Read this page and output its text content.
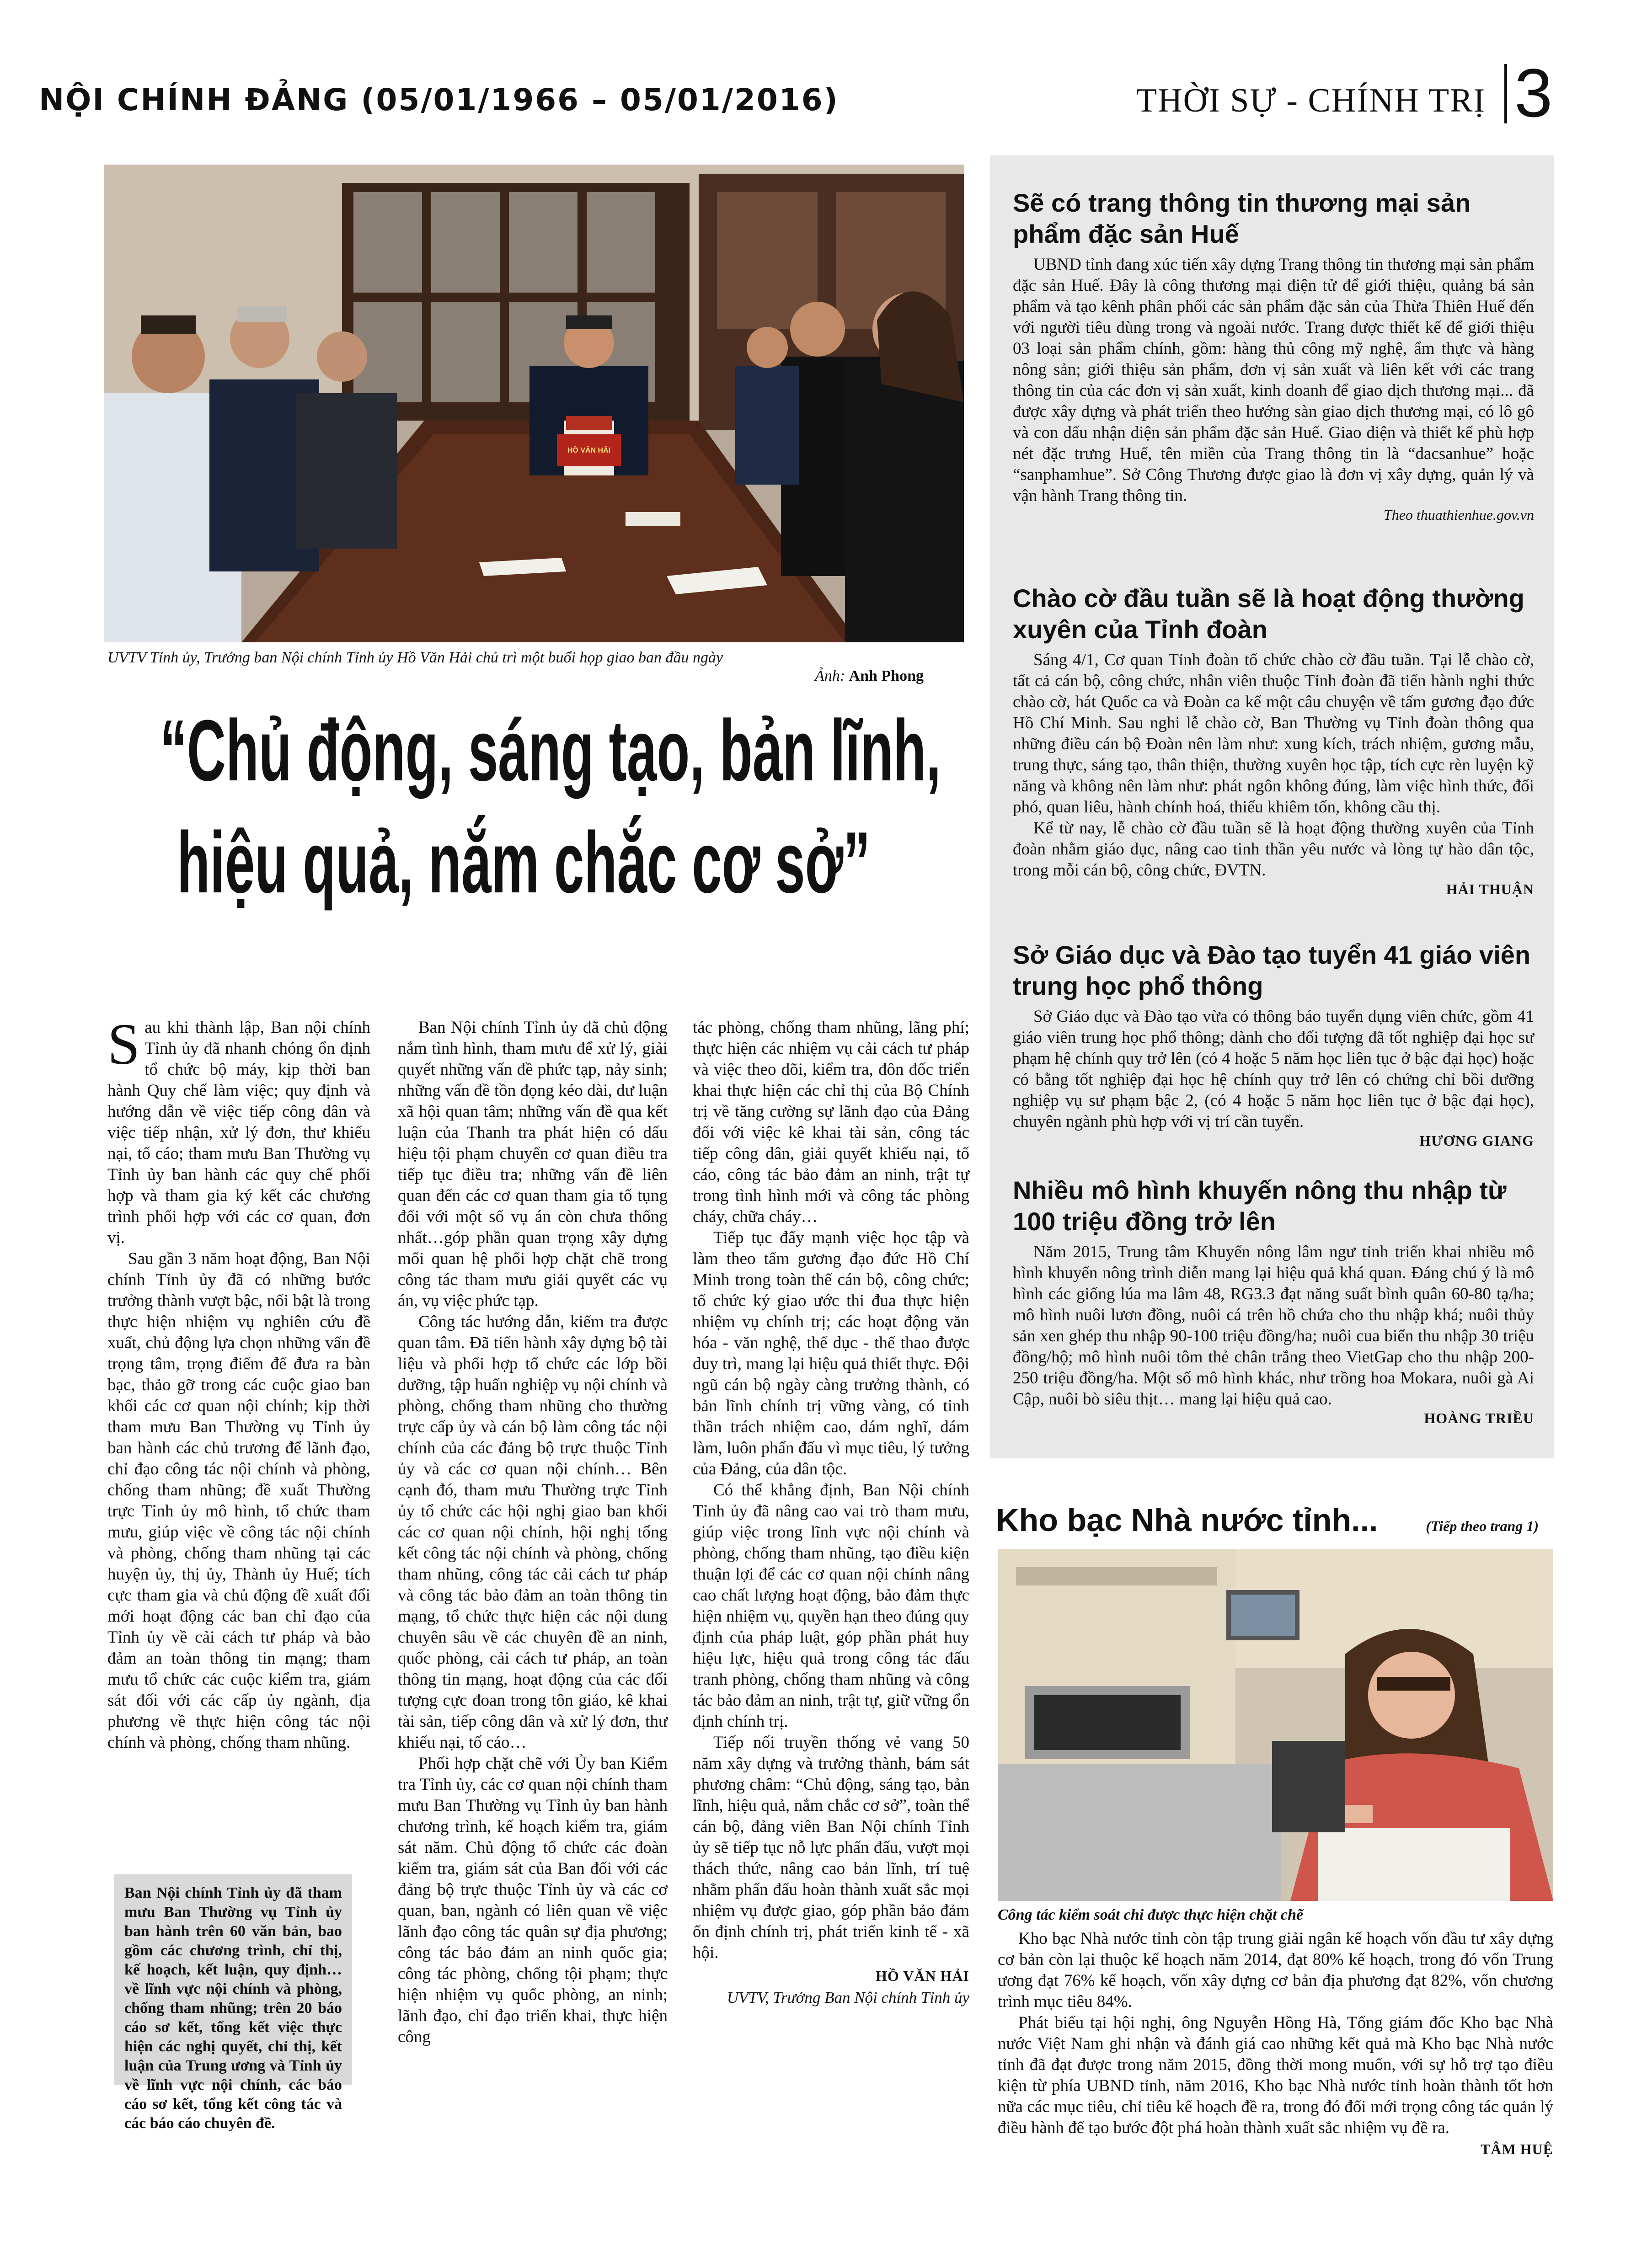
NỘI CHÍNH ĐẢNG (05/01/1966 – 05/01/2016)	THỜI SỰ - CHÍNH TRỊ 3
HỒ VĂN HẢI
UVTV Tỉnh ủy, Trưởng ban Nội chính Tỉnh ủy Hồ Văn Hải chủ trì một buổi họp giao ban đầu ngày
Ảnh: Anh Phong
“Chủ động, sáng tạo, bản lĩnh,
hiệu quả, nắm chắc cơ sở”

Sau khi thành lập, Ban nội chính Tỉnh ủy đã nhanh chóng ổn định tổ chức bộ máy, kịp thời ban hành Quy chế làm việc; quy định và hướng dẫn về việc tiếp công dân và việc tiếp nhận, xử lý đơn, thư khiếu nại, tố cáo; tham mưu Ban Thường vụ Tỉnh ủy ban hành các quy chế phối hợp và tham gia ký kết các chương trình phối hợp với các cơ quan, đơn vị.

Sau gần 3 năm hoạt động, Ban Nội chính Tỉnh ủy đã có những bước trưởng thành vượt bậc, nổi bật là trong thực hiện nhiệm vụ nghiên cứu đề xuất, chủ động lựa chọn những vấn đề trọng tâm, trọng điểm để đưa ra bàn bạc, thảo gỡ trong các cuộc giao ban khối các cơ quan nội chính; kịp thời tham mưu Ban Thường vụ Tỉnh ủy ban hành các chủ trương để lãnh đạo, chỉ đạo công tác nội chính và phòng, chống tham nhũng; đề xuất Thường trực Tỉnh ủy mô hình, tổ chức tham mưu, giúp việc về công tác nội chính và phòng, chống tham nhũng tại các huyện ủy, thị ủy, Thành ủy Huế; tích cực tham gia và chủ động đề xuất đổi mới hoạt động các ban chỉ đạo của Tỉnh ủy về cải cách tư pháp và bảo đảm an toàn thông tin mạng; tham mưu tổ chức các cuộc kiểm tra, giám sát đối với các cấp ủy ngành, địa phương về thực hiện công tác nội chính và phòng, chống tham nhũng.

Ban Nội chính Tỉnh ủy đã tham mưu Ban Thường vụ Tỉnh ủy ban hành trên 60 văn bản, bao gồm các chương trình, chỉ thị, kế hoạch, kết luận, quy định… về lĩnh vực nội chính và phòng, chống tham nhũng; trên 20 báo cáo sơ kết, tổng kết việc thực hiện các nghị quyết, chỉ thị, kết luận của Trung ương và Tỉnh ủy về lĩnh vực nội chính, các báo cáo sơ kết, tổng kết công tác và các báo cáo chuyên đề.

Ban Nội chính Tỉnh ủy đã chủ động nắm tình hình, tham mưu để xử lý, giải quyết những vấn đề phức tạp, nảy sinh; những vấn đề tồn đọng kéo dài, dư luận xã hội quan tâm; những vấn đề qua kết luận của Thanh tra phát hiện có dấu hiệu tội phạm chuyển cơ quan điều tra tiếp tục điều tra; những vấn đề liên quan đến các cơ quan tham gia tố tụng đối với một số vụ án còn chưa thống nhất…góp phần quan trọng xây dựng mối quan hệ phối hợp chặt chẽ trong công tác tham mưu giải quyết các vụ án, vụ việc phức tạp.

Công tác hướng dẫn, kiểm tra được quan tâm. Đã tiến hành xây dựng bộ tài liệu và phối hợp tổ chức các lớp bồi dưỡng, tập huấn nghiệp vụ nội chính và phòng, chống tham nhũng cho thường trực cấp ủy và cán bộ làm công tác nội chính của các đảng bộ trực thuộc Tỉnh ủy và các cơ quan nội chính… Bên cạnh đó, tham mưu Thường trực Tỉnh ủy tổ chức các hội nghị giao ban khối các cơ quan nội chính, hội nghị tổng kết công tác nội chính và phòng, chống tham nhũng, công tác cải cách tư pháp và công tác bảo đảm an toàn thông tin mạng, tổ chức thực hiện các nội dung chuyên sâu về các chuyên đề an ninh, quốc phòng, cải cách tư pháp, an toàn thông tin mạng, hoạt động của các đối tượng cực đoan trong tôn giáo, kê khai tài sản, tiếp công dân và xử lý đơn, thư khiếu nại, tố cáo…

Phối hợp chặt chẽ với Ủy ban Kiểm tra Tỉnh ủy, các cơ quan nội chính tham mưu Ban Thường vụ Tỉnh ủy ban hành chương trình, kế hoạch kiểm tra, giám sát năm. Chủ động tổ chức các đoàn kiểm tra, giám sát của Ban đối với các đảng bộ trực thuộc Tỉnh ủy và các cơ quan, ban, ngành có liên quan về việc lãnh đạo công tác quân sự địa phương; công tác bảo đảm an ninh quốc gia; công tác phòng, chống tội phạm; thực hiện nhiệm vụ quốc phòng, an ninh; lãnh đạo, chỉ đạo triển khai, thực hiện công

tác phòng, chống tham nhũng, lãng phí; thực hiện các nhiệm vụ cải cách tư pháp và việc theo dõi, kiểm tra, đôn đốc triển khai thực hiện các chỉ thị của Bộ Chính trị về tăng cường sự lãnh đạo của Đảng đối với việc kê khai tài sản, công tác tiếp công dân, giải quyết khiếu nại, tố cáo, công tác bảo đảm an ninh, trật tự trong tình hình mới và công tác phòng cháy, chữa cháy…

Tiếp tục đẩy mạnh việc học tập và làm theo tấm gương đạo đức Hồ Chí Minh trong toàn thể cán bộ, công chức; tổ chức ký giao ước thi đua thực hiện nhiệm vụ chính trị; các hoạt động văn hóa - văn nghệ, thể dục - thể thao được duy trì, mang lại hiệu quả thiết thực. Đội ngũ cán bộ ngày càng trưởng thành, có bản lĩnh chính trị vững vàng, có tinh thần trách nhiệm cao, dám nghĩ, dám làm, luôn phấn đấu vì mục tiêu, lý tưởng của Đảng, của dân tộc.

Có thể khẳng định, Ban Nội chính Tỉnh ủy đã nâng cao vai trò tham mưu, giúp việc trong lĩnh vực nội chính và phòng, chống tham nhũng, tạo điều kiện thuận lợi để các cơ quan nội chính nâng cao chất lượng hoạt động, bảo đảm thực hiện nhiệm vụ, quyền hạn theo đúng quy định của pháp luật, góp phần phát huy hiệu lực, hiệu quả trong công tác đấu tranh phòng, chống tham nhũng và công tác bảo đảm an ninh, trật tự, giữ vững ổn định chính trị.

Tiếp nối truyền thống vẻ vang 50 năm xây dựng và trưởng thành, bám sát phương châm: “Chủ động, sáng tạo, bản lĩnh, hiệu quả, nắm chắc cơ sở”, toàn thể cán bộ, đảng viên Ban Nội chính Tỉnh ủy sẽ tiếp tục nỗ lực phấn đấu, vượt mọi thách thức, nâng cao bản lĩnh, trí tuệ nhằm phấn đấu hoàn thành xuất sắc mọi nhiệm vụ được giao, góp phần bảo đảm ổn định chính trị, phát triển kinh tế - xã hội.

HỒ VĂN HẢI
UVTV, Trưởng Ban Nội chính Tỉnh ủy
Sẽ có trang thông tin thương mại sản phẩm đặc sản Huế

UBND tỉnh đang xúc tiến xây dựng Trang thông tin thương mại sản phẩm đặc sản Huế. Đây là công thương mại điện tử để giới thiệu, quảng bá sản phẩm và tạo kênh phân phối các sản phẩm đặc sản của Thừa Thiên Huế đến với người tiêu dùng trong và ngoài nước. Trang được thiết kế để giới thiệu 03 loại sản phẩm chính, gồm: hàng thủ công mỹ nghệ, ẩm thực và hàng nông sản; giới thiệu sản phẩm, đơn vị sản xuất và liên kết với các trang thông tin của các đơn vị sản xuất, kinh doanh để giao dịch thương mại... đã được xây dựng và phát triển theo hướng sàn giao dịch thương mại, có lô gô và con dấu nhận diện sản phẩm đặc sản Huế. Giao diện và thiết kế phù hợp nét đặc trưng Huế, tên miền của Trang thông tin là “dacsanhue” hoặc “sanphamhue”. Sở Công Thương được giao là đơn vị xây dựng, quản lý và vận hành Trang thông tin.

Theo thuathienhue.gov.vn
Chào cờ đầu tuần sẽ là hoạt động thường xuyên của Tỉnh đoàn

Sáng 4/1, Cơ quan Tỉnh đoàn tổ chức chào cờ đầu tuần. Tại lễ chào cờ, tất cả cán bộ, công chức, nhân viên thuộc Tỉnh đoàn đã tiến hành nghi thức chào cờ, hát Quốc ca và Đoàn ca kể một câu chuyện về tấm gương đạo đức Hồ Chí Minh. Sau nghi lễ chào cờ, Ban Thường vụ Tỉnh đoàn thông qua những điều cán bộ Đoàn nên làm như: xung kích, trách nhiệm, gương mẫu, trung thực, sáng tạo, thân thiện, thường xuyên học tập, tích cực rèn luyện kỹ năng và không nên làm như: phát ngôn không đúng, làm việc hình thức, đối phó, quan liêu, hành chính hoá, thiếu khiêm tốn, không cầu thị.

Kể từ nay, lễ chào cờ đầu tuần sẽ là hoạt động thường xuyên của Tỉnh đoàn nhằm giáo dục, nâng cao tinh thần yêu nước và lòng tự hào dân tộc, trong mỗi cán bộ, công chức, ĐVTN.

HẢI THUẬN
Sở Giáo dục và Đào tạo tuyển 41 giáo viên trung học phổ thông

Sở Giáo dục và Đào tạo vừa có thông báo tuyển dụng viên chức, gồm 41 giáo viên trung học phổ thông; dành cho đối tượng đã tốt nghiệp đại học sư phạm hệ chính quy trở lên (có 4 hoặc 5 năm học liên tục ở bậc đại học) hoặc có bằng tốt nghiệp đại học hệ chính quy trở lên có chứng chỉ bồi dưỡng nghiệp vụ sư phạm bậc 2, (có 4 hoặc 5 năm học liên tục ở bậc đại học), chuyên ngành phù hợp với vị trí cần tuyển.

HƯƠNG GIANG
Nhiều mô hình khuyến nông thu nhập từ 100 triệu đồng trở lên

Năm 2015, Trung tâm Khuyến nông lâm ngư tỉnh triển khai nhiều mô hình khuyến nông trình diễn mang lại hiệu quả khá quan. Đáng chú ý là mô hình các giống lúa ma lâm 48, RG3.3 đạt năng suất bình quân 60-80 tạ/ha; mô hình nuôi lươn đồng, nuôi cá trên hồ chứa cho thu nhập khá; nuôi thủy sản xen ghép thu nhập 90-100 triệu đồng/ha; nuôi cua biển thu nhập 30 triệu đồng/hộ; mô hình nuôi tôm thẻ chân trắng theo VietGap cho thu nhập 200-250 triệu đồng/ha. Một số mô hình khác, như trồng hoa Mokara, nuôi gà Ai Cập, nuôi bò siêu thịt… mang lại hiệu quả cao.

HOÀNG TRIỀU
Kho bạc Nhà nước tỉnh...	(Tiếp theo trang 1)
Công tác kiểm soát chi được thực hiện chặt chẽ

Kho bạc Nhà nước tỉnh còn tập trung giải ngân kế hoạch vốn đầu tư xây dựng cơ bản còn lại thuộc kế hoạch năm 2014, đạt 80% kế hoạch, trong đó vốn Trung ương đạt 76% kế hoạch, vốn xây dựng cơ bản địa phương đạt 82%, vốn chương trình mục tiêu 84%.

Phát biểu tại hội nghị, ông Nguyễn Hồng Hà, Tổng giám đốc Kho bạc Nhà nước Việt Nam ghi nhận và đánh giá cao những kết quả mà Kho bạc Nhà nước tỉnh đã đạt được trong năm 2015, đồng thời mong muốn, với sự hỗ trợ tạo điều kiện từ phía UBND tỉnh, năm 2016, Kho bạc Nhà nước tỉnh hoàn thành tốt hơn nữa các mục tiêu, chỉ tiêu kế hoạch đề ra, trong đó đổi mới trọng công tác quản lý điều hành để tạo bước đột phá hoàn thành xuất sắc nhiệm vụ đề ra.

TÂM HUỆ
